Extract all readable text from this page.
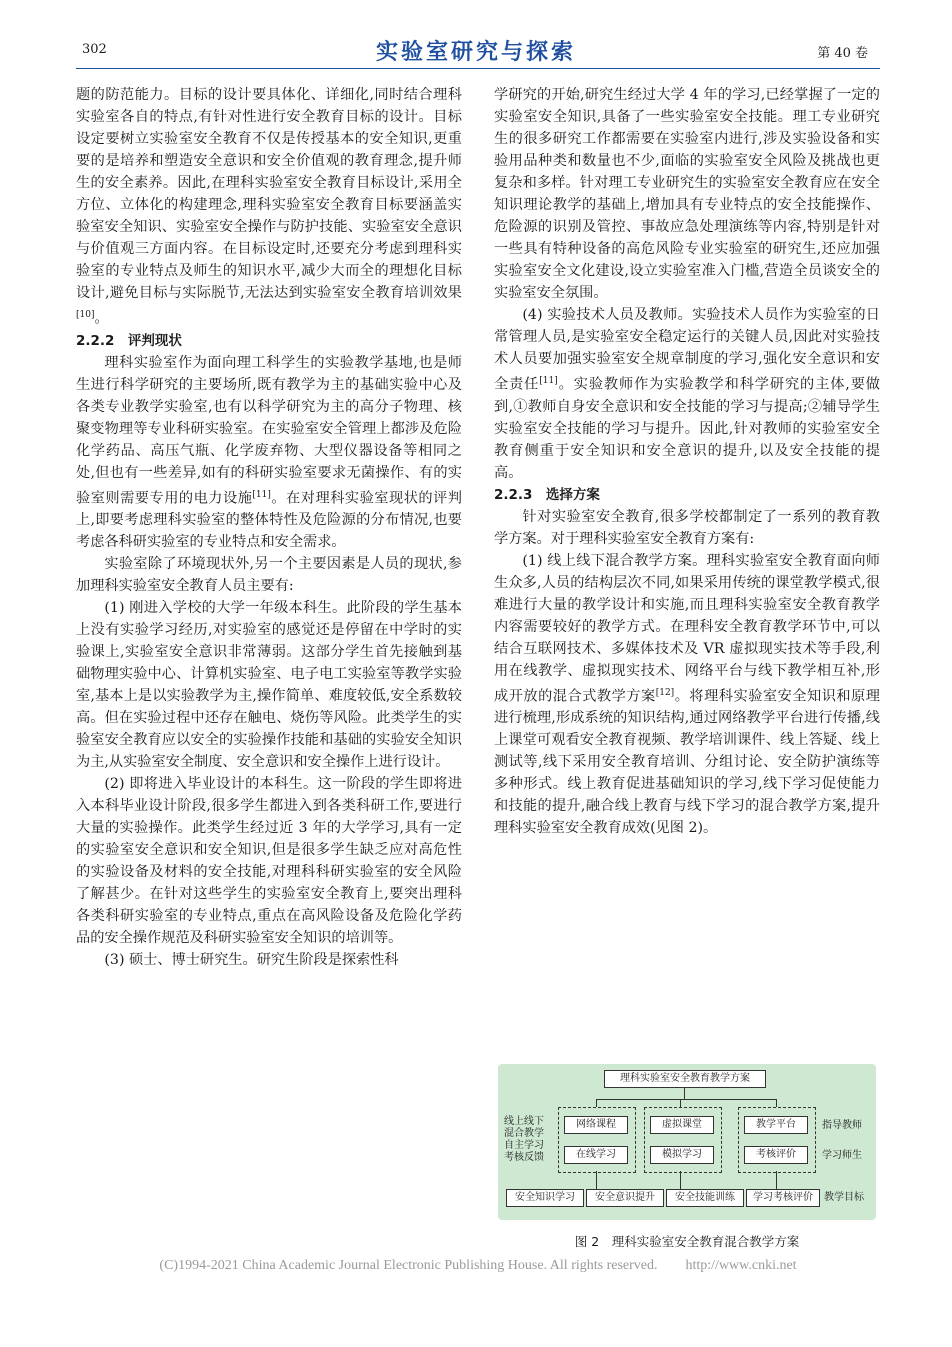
302	实验室研究与探索	第 40 卷

题的防范能力。目标的设计要具体化、详细化,同时结合理科实验室各自的特点,有针对性进行安全教育目标的设计。目标设定要树立实验室安全教育不仅是传授基本的安全知识,更重要的是培养和塑造安全意识和安全价值观的教育理念,提升师生的安全素养。因此,在理科实验室安全教育目标设计,采用全方位、立体化的构建理念,理科实验室安全教育目标要涵盖实验室安全知识、实验室安全操作与防护技能、实验室安全意识与价值观三方面内容。在目标设定时,还要充分考虑到理科实验室的专业特点及师生的知识水平,减少大而全的理想化目标设计,避免目标与实际脱节,无法达到实验室安全教育培训效果[10]。

2.2.2　评判现状

理科实验室作为面向理工科学生的实验教学基地,也是师生进行科学研究的主要场所,既有教学为主的基础实验中心及各类专业教学实验室,也有以科学研究为主的高分子物理、核聚变物理等专业科研实验室。在实验室安全管理上都涉及危险化学药品、高压气瓶、化学废弃物、大型仪器设备等相同之处,但也有一些差异,如有的科研实验室要求无菌操作、有的实验室则需要专用的电力设施[11]。在对理科实验室现状的评判上,即要考虑理科实验室的整体特性及危险源的分布情况,也要考虑各科研实验室的专业特点和安全需求。

实验室除了环境现状外,另一个主要因素是人员的现状,参加理科实验室安全教育人员主要有:

(1) 刚进入学校的大学一年级本科生。此阶段的学生基本上没有实验学习经历,对实验室的感觉还是停留在中学时的实验课上,实验室安全意识非常薄弱。这部分学生首先接触到基础物理实验中心、计算机实验室、电子电工实验室等教学实验室,基本上是以实验教学为主,操作简单、难度较低,安全系数较高。但在实验过程中还存在触电、烧伤等风险。此类学生的实验室安全教育应以安全的实验操作技能和基础的实验安全知识为主,从实验室安全制度、安全意识和安全操作上进行设计。

(2) 即将进入毕业设计的本科生。这一阶段的学生即将进入本科毕业设计阶段,很多学生都进入到各类科研工作,要进行大量的实验操作。此类学生经过近 3 年的大学学习,具有一定的实验室安全意识和安全知识,但是很多学生缺乏应对高危性的实验设备及材料的安全技能,对理科科研实验室的安全风险了解甚少。在针对这些学生的实验室安全教育上,要突出理科各类科研实验室的专业特点,重点在高风险设备及危险化学药品的安全操作规范及科研实验室安全知识的培训等。

(3) 硕士、博士研究生。研究生阶段是探索性科

学研究的开始,研究生经过大学 4 年的学习,已经掌握了一定的实验室安全知识,具备了一些实验室安全技能。理工专业研究生的很多研究工作都需要在实验室内进行,涉及实验设备和实验用品种类和数量也不少,面临的实验室安全风险及挑战也更复杂和多样。针对理工专业研究生的实验室安全教育应在安全知识理论教学的基础上,增加具有专业特点的安全技能操作、危险源的识别及管控、事故应急处理演练等内容,特别是针对一些具有特种设备的高危风险专业实验室的研究生,还应加强实验室安全文化建设,设立实验室准入门槛,营造全员谈安全的实验室安全氛围。

(4) 实验技术人员及教师。实验技术人员作为实验室的日常管理人员,是实验室安全稳定运行的关键人员,因此对实验技术人员要加强实验室安全规章制度的学习,强化安全意识和安全责任[11]。实验教师作为实验教学和科学研究的主体,要做到,①教师自身安全意识和安全技能的学习与提高;②辅导学生实验室安全技能的学习与提升。因此,针对教师的实验室安全教育侧重于安全知识和安全意识的提升,以及安全技能的提高。

2.2.3　选择方案

针对实验室安全教育,很多学校都制定了一系列的教育教学方案。对于理科实验室安全教育方案有:

(1) 线上线下混合教学方案。理科实验室安全教育面向师生众多,人员的结构层次不同,如果采用传统的课堂教学模式,很难进行大量的教学设计和实施,而且理科实验室安全教育教学内容需要较好的教学方式。在理科安全教育教学环节中,可以结合互联网技术、多媒体技术及 VR 虚拟现实技术等手段,利用在线教学、虚拟现实技术、网络平台与线下教学相互补,形成开放的混合式教学方案[12]。将理科实验室安全知识和原理进行梳理,形成系统的知识结构,通过网络教学平台进行传播,线上课堂可观看安全教育视频、教学培训课件、线上答疑、线上测试等,线下采用安全教育培训、分组讨论、安全防护演练等多种形式。线上教育促进基础知识的学习,线下学习促使能力和技能的提升,融合线上教育与线下学习的混合教学方案,提升理科实验室安全教育成效(见图 2)。

理科实验室安全教育教学方案
线上线下
混合教学
自主学习
考核反馈
网络课程
在线学习
虚拟课堂
模拟学习
教学平台
考核评价
指导教师
学习师生
安全知识学习	安全意识提升	安全技能训练	学习考核评价	教学目标
图 2　理科实验室安全教育混合教学方案
(C)1994-2021 China Academic Journal Electronic Publishing House. All rights reserved.　　http://www.cnki.net
